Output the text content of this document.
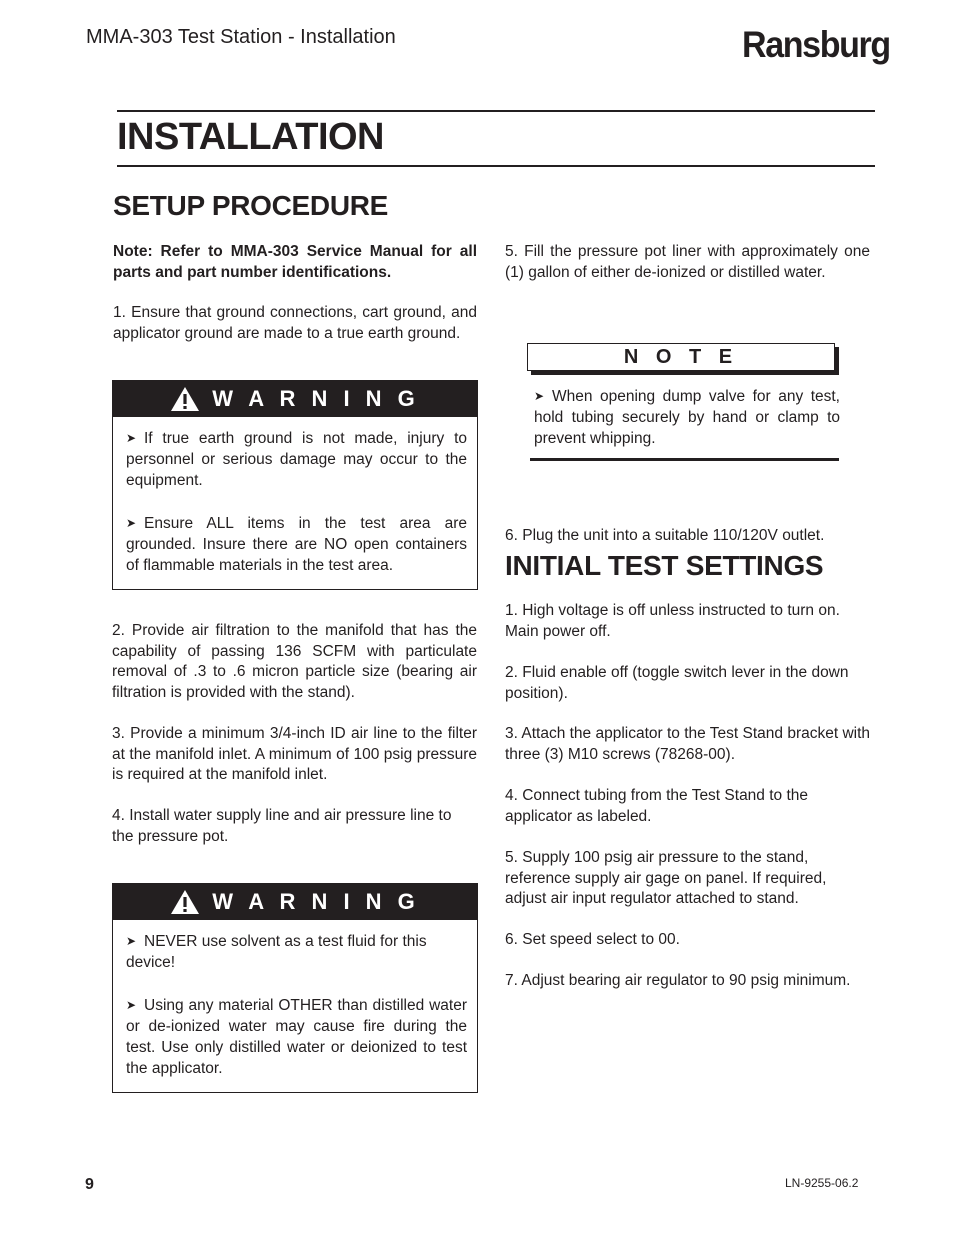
MMA-303 Test Station - Installation	Ransburg
INSTALLATION
SETUP PROCEDURE

Note: Refer to MMA-303 Service Manual for all parts and part number identifications.

1. Ensure that ground connections, cart ground, and applicator ground are made to a true earth ground.

W A R N I N G
➤ If true earth ground is not made, injury to personnel or serious damage may occur to the equipment.
➤ Ensure ALL items in the test area are grounded. Insure there are NO open containers of flammable materials in the test area.

2. Provide air filtration to the manifold that has the capability of passing 136 SCFM with particulate removal of .3 to .6 micron particle size (bearing air filtration is provided with the stand).

3. Provide a minimum 3/4-inch ID air line to the filter at the manifold inlet. A minimum of 100 psig pressure is required at the manifold inlet.

4. Install water supply line and air pressure line to the pressure pot.

W A R N I N G
➤ NEVER use solvent as a test fluid for this device!
➤ Using any material OTHER than distilled water or de-ionized water may cause fire during the test. Use only distilled water or deionized to test the applicator.

5. Fill the pressure pot liner with approximately one (1) gallon of either de-ionized or distilled water.

N O T E
➤ When opening dump valve for any test, hold tubing securely by hand or clamp to prevent whipping.

6. Plug the unit into a suitable 110/120V outlet.

INITIAL TEST SETTINGS

1. High voltage is off unless instructed to turn on. Main power off.

2. Fluid enable off (toggle switch lever in the down position).

3. Attach the applicator to the Test Stand bracket with three (3) M10 screws (78268-00).

4. Connect tubing from the Test Stand to the applicator as labeled.

5. Supply 100 psig air pressure to the stand, reference supply air gage on panel. If required, adjust air input regulator attached to stand.

6. Set speed select to 00.

7. Adjust bearing air regulator to 90 psig minimum.

9	LN-9255-06.2
